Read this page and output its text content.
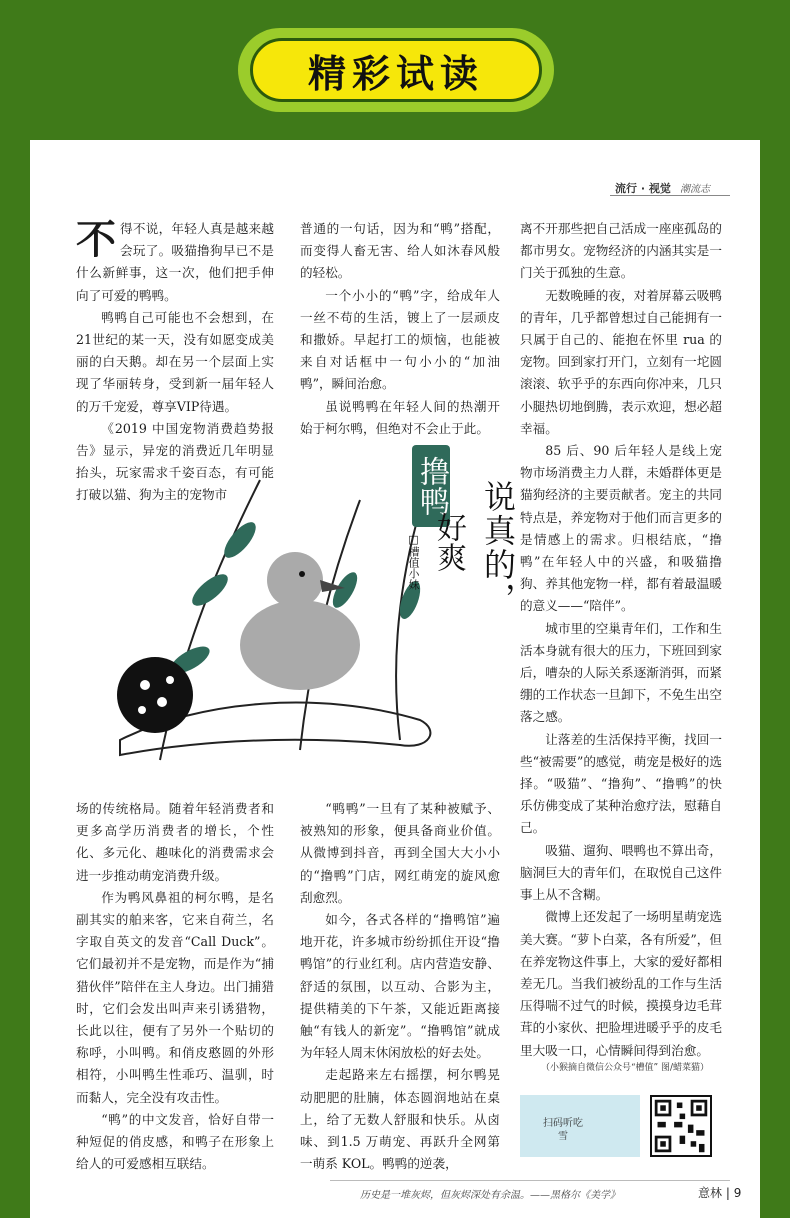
精彩试读
流行 · 视觉 潮流志

不得不说，年轻人真是越来越会玩了。吸猫撸狗早已不是什么新鲜事，这一次，他们把手伸向了可爱的鸭鸭。

鸭鸭自己可能也不会想到，在21世纪的某一天，没有如愿变成美丽的白天鹅。却在另一个层面上实现了华丽转身，受到新一届年轻人的万千宠爱，尊享VIP待遇。

《2019 中国宠物消费趋势报告》显示，异宠的消费近几年明显抬头，玩家需求千姿百态，有可能打破以猫、狗为主的宠物市

普通的一句话，因为和“鸭”搭配，而变得人畜无害、给人如沐春风般的轻松。

一个小小的“鸭”字，给成年人一丝不苟的生活，镀上了一层顽皮和撒娇。早起打工的烦恼，也能被来自对话框中一句小小的“加油鸭”，瞬间治愈。

虽说鸭鸭在年轻人间的热潮开始于柯尔鸭，但绝对不会止于此。

离不开那些把自己活成一座座孤岛的都市男女。宠物经济的内涵其实是一门关于孤独的生意。

无数晚睡的夜，对着屏幕云吸鸭的青年，几乎都曾想过自己能拥有一只属于自己的、能抱在怀里 rua 的宠物。回到家打开门，立刻有一坨圆滚滚、软乎乎的东西向你冲来，几只小腿热切地倒腾，表示欢迎，想必超幸福。

85 后、90 后年轻人是线上宠物市场消费主力人群，未婚群体更是猫狗经济的主要贡献者。宠主的共同特点是，养宠物对于他们而言更多的是情感上的需求。归根结底，“撸鸭”在年轻人中的兴盛，和吸猫撸狗、养其他宠物一样，都有着最温暖的意义——“陪伴”。

城市里的空巢青年们，工作和生活本身就有很大的压力，下班回到家后，嘈杂的人际关系逐渐消弭，而紧绷的工作状态一旦卸下，不免生出空落之感。

让落差的生活保持平衡，找回一些“被需要”的感觉，萌宠是极好的选择。“吸猫”、“撸狗”、“撸鸭”的快乐仿佛变成了某种治愈疗法，慰藉自己。

吸猫、遛狗、喂鸭也不算出奇，脑洞巨大的青年们，在取悦自己这件事上从不含糊。

微博上还发起了一场明星萌宠选美大赛。“萝卜白菜，各有所爱”，但在养宠物这件事上，大家的爱好都相差无几。当我们被纷乱的工作与生活压得喘不过气的时候，摸摸身边毛茸茸的小家伙、把脸埋进暖乎乎的皮毛里大吸一口，心情瞬间得到治愈。

撸鸭 说真的，
好爽
□槽值小妹

场的传统格局。随着年轻消费者和更多高学历消费者的增长，个性化、多元化、趣味化的消费需求会进一步推动萌宠消费升级。

作为鸭风鼻祖的柯尔鸭，是名副其实的舶来客，它来自荷兰，名字取自英文的发音“Call Duck”。它们最初并不是宠物，而是作为“捕猎伙伴”陪伴在主人身边。出门捕猎时，它们会发出叫声来引诱猎物，长此以往，便有了另外一个贴切的称呼，小叫鸭。和俏皮憨圆的外形相符，小叫鸭生性乖巧、温驯，时而黏人，完全没有攻击性。

“鸭”的中文发音，恰好自带一种短促的俏皮感，和鸭子在形象上给人的可爱感相互联结。

“鸭鸭”一旦有了某种被赋予、被熟知的形象，便具备商业价值。从微博到抖音，再到全国大大小小的“撸鸭”门店，网红萌宠的旋风愈刮愈烈。

如今，各式各样的“撸鸭馆”遍地开花，许多城市纷纷抓住开设“撸鸭馆”的行业红利。店内营造安静、舒适的氛围，以互动、合影为主，提供精美的下午茶，又能近距离接触“有钱人的新宠”。“撸鸭馆”就成为年轻人周末休闲放松的好去处。

走起路来左右摇摆，柯尔鸭晃动肥肥的肚腩，体态圆润地站在桌上，给了无数人舒服和快乐。从卤味、到1.5 万萌宠、再跃升全网第一萌系 KOL。鸭鸭的逆袭，

（小猴摘自微信公众号“槽值” 图/蜡菜猫）
扫码听吃雪
历史是一堆灰烬，但灰烬深处有余温。——黑格尔《美学》	意林 | 9
